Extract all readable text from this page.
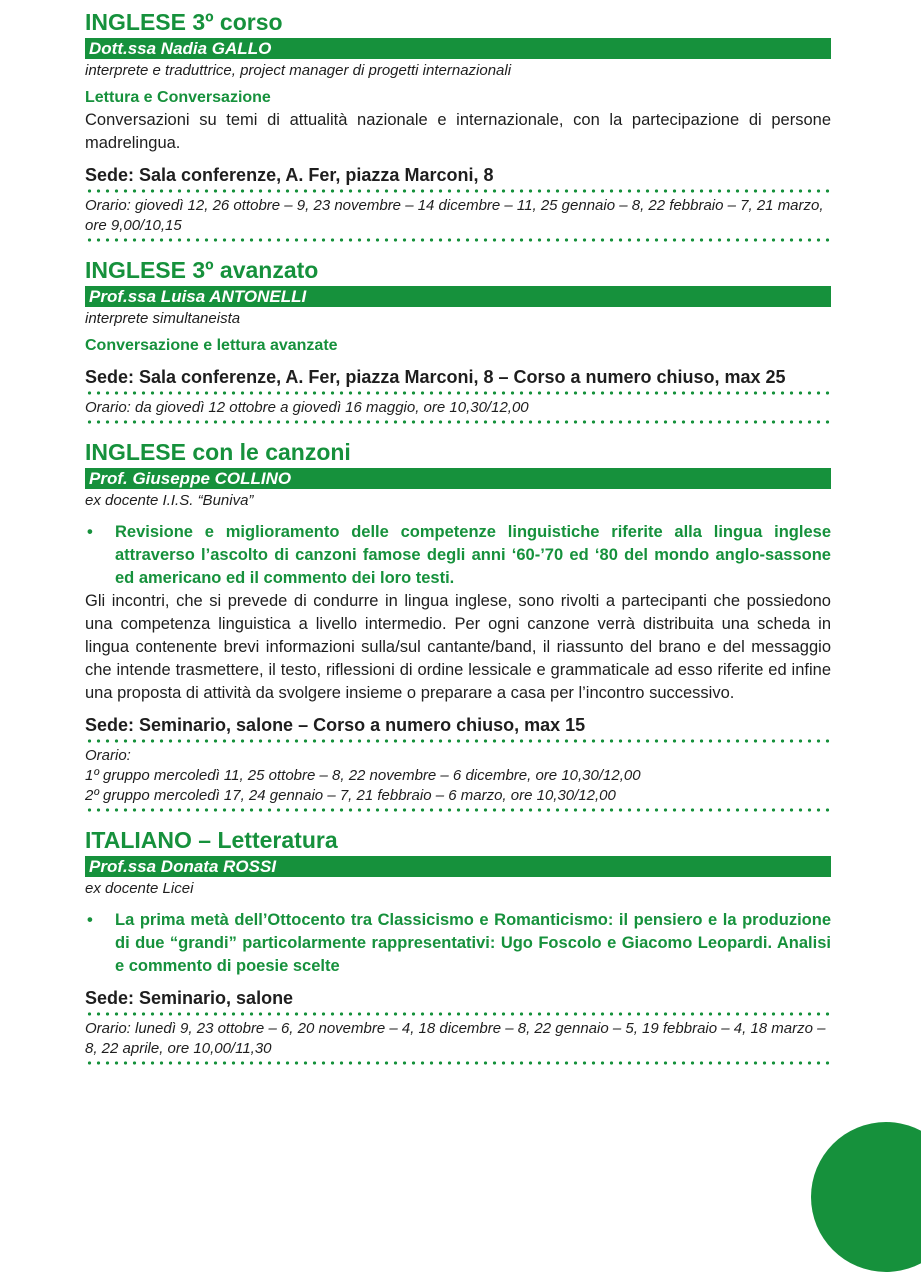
INGLESE 3º corso
Dott.ssa Nadia GALLO
interprete e traduttrice, project manager di progetti internazionali
Lettura e Conversazione
Conversazioni su temi di attualità nazionale e internazionale, con la partecipazione di persone madrelingua.
Sede: Sala conferenze, A. Fer, piazza Marconi, 8
Orario: giovedì 12, 26 ottobre – 9, 23 novembre – 14 dicembre – 11, 25 gennaio – 8, 22 febbraio – 7, 21 marzo, ore 9,00/10,15
INGLESE 3º avanzato
Prof.ssa Luisa ANTONELLI
interprete simultaneista
Conversazione e lettura avanzate
Sede: Sala conferenze, A. Fer, piazza Marconi, 8 – Corso a numero chiuso, max 25
Orario: da giovedì 12 ottobre a giovedì 16 maggio, ore 10,30/12,00
INGLESE con le canzoni
Prof. Giuseppe COLLINO
ex docente I.I.S. “Buniva”
• Revisione e miglioramento delle competenze linguistiche riferite alla lingua inglese attraverso l’ascolto di canzoni famose degli anni ‘60-’70 ed ‘80 del mondo anglo-sassone ed americano ed il commento dei loro testi.
Gli incontri, che si prevede di condurre in lingua inglese, sono rivolti a partecipanti che possiedono una competenza linguistica a livello intermedio. Per ogni canzone verrà distribuita una scheda in lingua contenente brevi informazioni sulla/sul cantante/band, il riassunto del brano e del messaggio che intende trasmettere, il testo, riflessioni di ordine lessicale e grammaticale ad esso riferite ed infine una proposta di attività da svolgere insieme o preparare a casa per l’incontro successivo.
Sede: Seminario, salone – Corso a numero chiuso, max 15
Orario:
1º gruppo mercoledì 11, 25 ottobre – 8, 22 novembre – 6 dicembre, ore 10,30/12,00
2º gruppo mercoledì 17, 24 gennaio – 7, 21 febbraio – 6 marzo, ore 10,30/12,00
ITALIANO – Letteratura
Prof.ssa Donata ROSSI
ex docente Licei
• La prima metà dell’Ottocento tra Classicismo e Romanticismo: il pensiero e la produzione di due “grandi” particolarmente rappresentativi: Ugo Foscolo e Giacomo Leopardi. Analisi e commento di poesie scelte
Sede: Seminario, salone
Orario: lunedì 9, 23 ottobre – 6, 20 novembre – 4, 18 dicembre – 8, 22 gennaio – 5, 19 febbraio – 4, 18 marzo – 8, 22 aprile, ore 10,00/11,30
